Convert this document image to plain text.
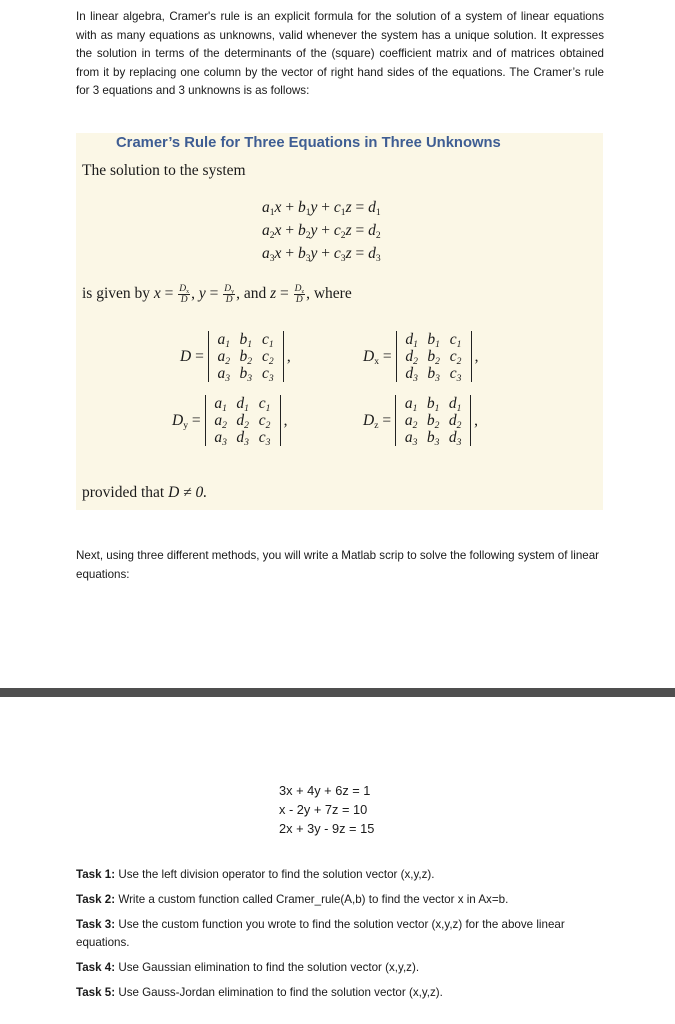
In linear algebra, Cramer's rule is an explicit formula for the solution of a system of linear equations with as many equations as unknowns, valid whenever the system has a unique solution. It expresses the solution in terms of the determinants of the (square) coefficient matrix and of matrices obtained from it by replacing one column by the vector of right hand sides of the equations. The Cramer’s rule for 3 equations and 3 unknowns is as follows:
Cramer’s Rule for Three Equations in Three Unknowns
The solution to the system
$a_1x + b_1y + c_1z = d_1$
$a_2x + b_2y + c_2z = d_2$
$a_3x + b_3y + c_3z = d_3$
is given by $x = \frac{D_x}{D}$ , $y = \frac{D_y}{D}$ , and $z = \frac{D_z}{D}$ , where
D =
$a_1$ $b_1$ $c_1$
$a_2$ $b_2$ $c_2$
$a_3$ $b_3$ $c_3$
,	$D_x$ =
$d_1$ $b_1$ $c_1$
$d_2$ $b_2$ $c_2$
$d_3$ $b_3$ $c_3$
,
$D_y$ =
$a_1$ $d_1$ $c_1$
$a_2$ $d_2$ $c_2$
$a_3$ $d_3$ $c_3$
,	$D_z$ =
$a_1$ $b_1$ $d_1$
$a_2$ $b_2$ $d_2$
$a_3$ $b_3$ $d_3$
,
provided that D ≠ 0.
Next, using three different methods, you will write a Matlab scrip to solve the following system of linear equations:
3x + 4y + 6z = 1
x - 2y + 7z = 10
2x + 3y - 9z = 15
Task 1: Use the left division operator to find the solution vector (x,y,z).
Task 2: Write a custom function called Cramer_rule(A,b) to find the vector x in Ax=b.
Task 3: Use the custom function you wrote to find the solution vector (x,y,z) for the above linear equations.
Task 4: Use Gaussian elimination to find the solution vector (x,y,z).
Task 5: Use Gauss-Jordan elimination to find the solution vector (x,y,z).
